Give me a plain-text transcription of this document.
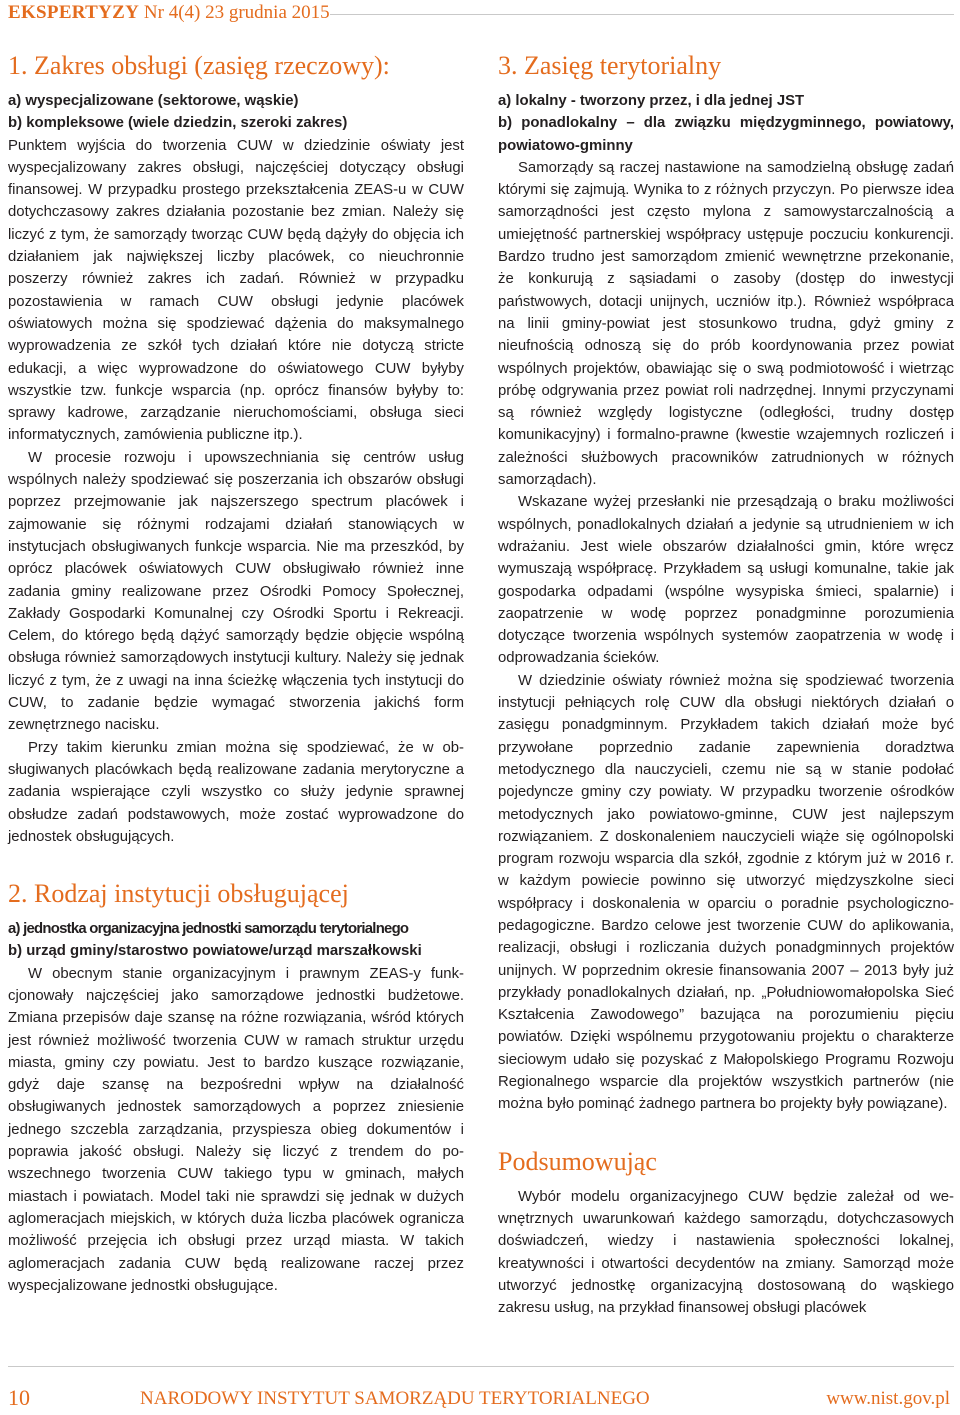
EKSPERTYZY Nr 4(4) 23 grudnia 2015
1. Zakres obsługi (zasięg rzeczowy):

a) wyspecjalizowane (sektorowe, wąskie)

b) kompleksowe (wiele dziedzin, szeroki zakres)

Punktem wyjścia do tworzenia CUW w dziedzinie oświaty jest wyspecjalizowany zakres obsługi, najczęściej dotyczący obsługi finansowej. W przypadku prostego przekształcenia ZEAS-u w CUW dotychczasowy zakres działania pozostanie bez zmian. Należy się liczyć z tym, że samorządy tworząc CUW będą dążyły do objęcia ich działaniem jak największej liczby placówek, co nieuchronnie poszerzy również zakres ich zadań. Również w przypadku pozostawienia w ramach CUW obsługi jedynie placówek oświatowych można się spodziewać dążenia do maksymalnego wyprowadzenia ze szkół tych działań które nie dotyczą stricte edukacji, a więc wyprowadzone do oświatowego CUW byłyby wszystkie tzw. funkcje wsparcia (np. oprócz finansów byłyby to: sprawy kadrowe, zarządzanie nieruchomościami, obsługa sieci informatycznych, zamówienia publiczne itp.).

W procesie rozwoju i upowszechniania się centrów usług wspólnych należy spodziewać się poszerzania ich obszarów obsługi poprzez przejmowanie jak najszerszego spectrum placówek i zajmowanie się różnymi rodzajami działań stanowiących w instytucjach obsługiwanych funkcje wsparcia. Nie ma przeszkód, by oprócz placówek oświatowych CUW obsługiwało również inne zadania gminy realizowane przez Ośrodki Pomocy Społecznej, Zakłady Gospodarki Komunalnej czy Ośrodki Sportu i Rekreacji. Celem, do którego będą dążyć samorządy będzie objęcie wspólną obsługa również samorządowych instytucji kultury. Należy się jednak liczyć z tym, że z uwagi na inna ścieżkę włączenia tych instytucji do CUW, to zadanie będzie wymagać stworzenia jakichś form zewnętrznego nacisku.

Przy takim kierunku zmian można się spodziewać, że w obsługiwanych placówkach będą realizowane zadania merytoryczne a zadania wspierające czyli wszystko co służy jedynie sprawnej obsłudze zadań podstawowych, może zostać wyprowadzone do jednostek obsługujących.

2. Rodzaj instytucji obsługującej

a) jednostka organizacyjna jednostki samorządu terytorialnego

b) urząd gminy/starostwo powiatowe/urząd marszałkowski

W obecnym stanie organizacyjnym i prawnym ZEAS-y funkcjonowały najczęściej jako samorządowe jednostki budżetowe. Zmiana przepisów daje szansę na różne rozwiązania, wśród których jest również możliwość tworzenia CUW w ramach struktur urzędu miasta, gminy czy powiatu. Jest to bardzo kuszące rozwiązanie, gdyż daje szansę na bezpośredni wpływ na działalność obsługiwanych jednostek samorządowych a poprzez zniesienie jednego szczebla zarządzania, przyspiesza obieg dokumentów i poprawia jakość obsługi. Należy się liczyć z trendem do powszechnego tworzenia CUW takiego typu w gminach, małych miastach i powiatach. Model taki nie sprawdzi się jednak w dużych aglomeracjach miejskich, w których duża liczba placówek ogranicza możliwość przejęcia ich obsługi przez urząd miasta. W takich aglomeracjach zadania CUW będą realizowane raczej przez wyspecjalizowane jednostki obsługujące.

3. Zasięg terytorialny

a) lokalny - tworzony przez, i dla jednej JST

b) ponadlokalny – dla związku międzygminnego, powiatowy, powiatowo-gminny

Samorządy są raczej nastawione na samodzielną obsługę zadań którymi się zajmują. Wynika to z różnych przyczyn. Po pierwsze idea samorządności jest często mylona z samowystarczalnością a umiejętność partnerskiej współpracy ustępuje poczuciu konkurencji. Bardzo trudno jest samorządom zmienić wewnętrzne przekonanie, że konkurują z sąsiadami o zasoby (dostęp do inwestycji państwowych, dotacji unijnych, uczniów itp.). Również współpraca na linii gminy-powiat jest stosunkowo trudna, gdyż gminy z nieufnością odnoszą się do prób koordynowania przez powiat wspólnych projektów, obawiając się o swą podmiotowość i wietrząc próbę odgrywania przez powiat roli nadrzędnej. Innymi przyczynami są również względy logistyczne (odległości, trudny dostęp komunikacyjny) i formalno-prawne (kwestie wzajemnych rozliczeń i zależności służbowych pracowników zatrudnionych w różnych samorządach).

Wskazane wyżej przesłanki nie przesądzają o braku możliwości wspólnych, ponadlokalnych działań a jedynie są utrudnieniem w ich wdrażaniu. Jest wiele obszarów działalności gmin, które wręcz wymuszają współpracę. Przykładem są usługi komunalne, takie jak gospodarka odpadami (wspólne wysypiska śmieci, spalarnie) i zaopatrzenie w wodę poprzez ponadgminne porozumienia dotyczące tworzenia wspólnych systemów zaopatrzenia w wodę i odprowadzania ścieków.

W dziedzinie oświaty również można się spodziewać tworzenia instytucji pełniących rolę CUW dla obsługi niektórych działań o zasięgu ponadgminnym. Przykładem takich działań może być przywołane poprzednio zadanie zapewnienia doradztwa metodycznego dla nauczycieli, czemu nie są w stanie podołać pojedyncze gminy czy powiaty. W przypadku tworzenie ośrodków metodycznych jako powiatowo-gminne, CUW jest najlepszym rozwiązaniem. Z doskonaleniem nauczycieli wiąże się ogólnopolski program rozwoju wsparcia dla szkół, zgodnie z którym już w 2016 r. w każdym powiecie powinno się utworzyć międzyszkolne sieci współpracy i doskonalenia w oparciu o poradnie psychologiczno-pedagogiczne. Bardzo celowe jest tworzenie CUW do aplikowania, realizacji, obsługi i rozliczania dużych ponadgminnych projektów unijnych. W poprzednim okresie finansowania 2007 – 2013 były już przykłady ponadlokalnych działań, np. „Południowomałopolska Sieć Kształcenia Zawodowego” bazująca na porozumieniu pięciu powiatów. Dzięki wspólnemu przygotowaniu projektu o charakterze sieciowym udało się pozyskać z Małopolskiego Programu Rozwoju Regionalnego wsparcie dla projektów wszystkich partnerów (nie można było pominąć żadnego partnera bo projekty były powiązane).

Podsumowując

Wybór modelu organizacyjnego CUW będzie zależał od wewnętrznych uwarunkowań każdego samorządu, dotychczasowych doświadczeń, wiedzy i nastawienia społeczności lokalnej, kreatywności i otwartości decydentów na zmiany. Samorząd może utworzyć jednostkę organizacyjną dostosowaną do wąskiego zakresu usług, na przykład finansowej obsługi placówek

10	NARODOWY INSTYTUT SAMORZĄDU TERYTORIALNEGO	www.nist.gov.pl
